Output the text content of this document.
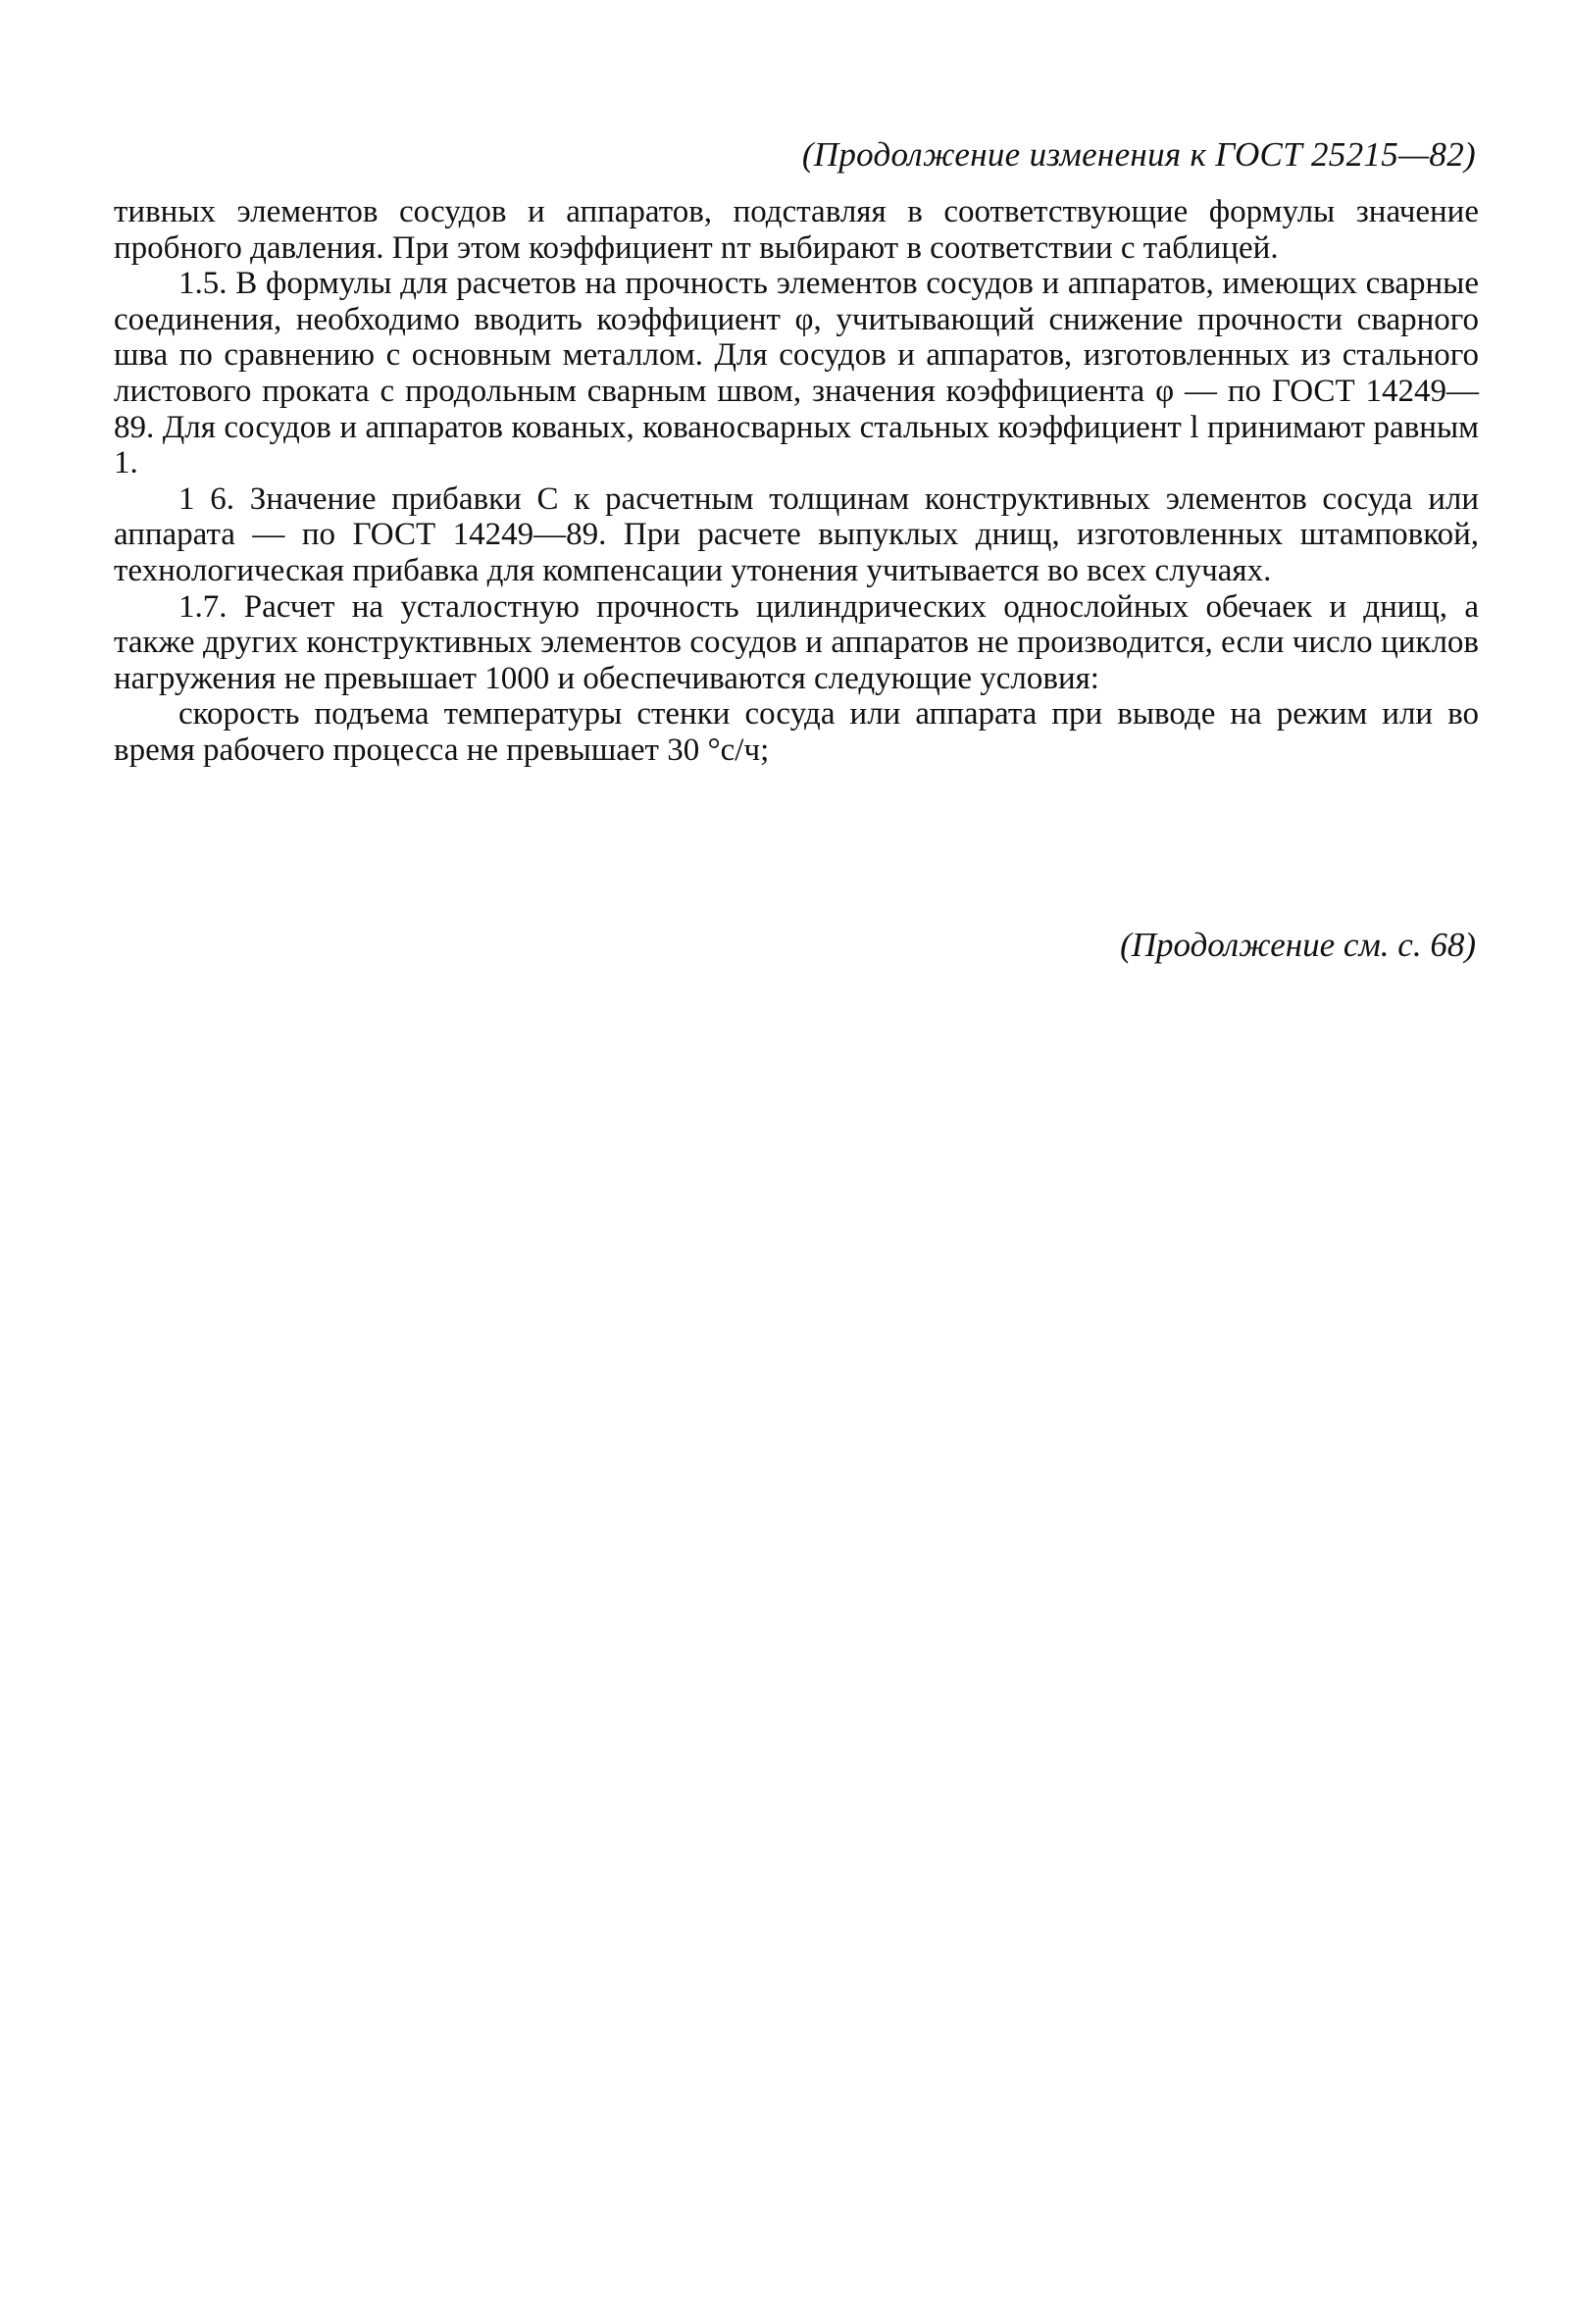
(Продолжение изменения к ГОСТ 25215—82)

тивных элементов сосудов и аппаратов, подставляя в соответствующие формулы значение пробного давления. При этом коэффициент nт выбирают в соответствии с таблицей.

1.5. В формулы для расчетов на прочность элементов сосудов и аппаратов, имеющих сварные соединения, необходимо вводить коэффициент φ, учитывающий снижение прочности сварного шва по сравнению с основным металлом. Для сосудов и аппаратов, изготовленных из стального листового проката с продольным сварным швом, значения коэффициента φ — по ГОСТ 14249—89. Для сосудов и аппаратов кованых, кованосварных стальных коэффициент l принимают равным 1.

1 6. Значение прибавки C к расчетным толщинам конструктивных элементов сосуда или аппарата — по ГОСТ 14249—89. При расчете выпуклых днищ, изготовленных штамповкой, технологическая прибавка для компенсации утонения учитывается во всех случаях.

1.7. Расчет на усталостную прочность цилиндрических однослойных обечаек и днищ, а также других конструктивных элементов сосудов и аппаратов не производится, если число циклов нагружения не превышает 1000 и обеспечиваются следующие условия:

скорость подъема температуры стенки сосуда или аппарата при выводе на режим или во время рабочего процесса не превышает 30 °с/ч;

(Продолжение см. с. 68)
